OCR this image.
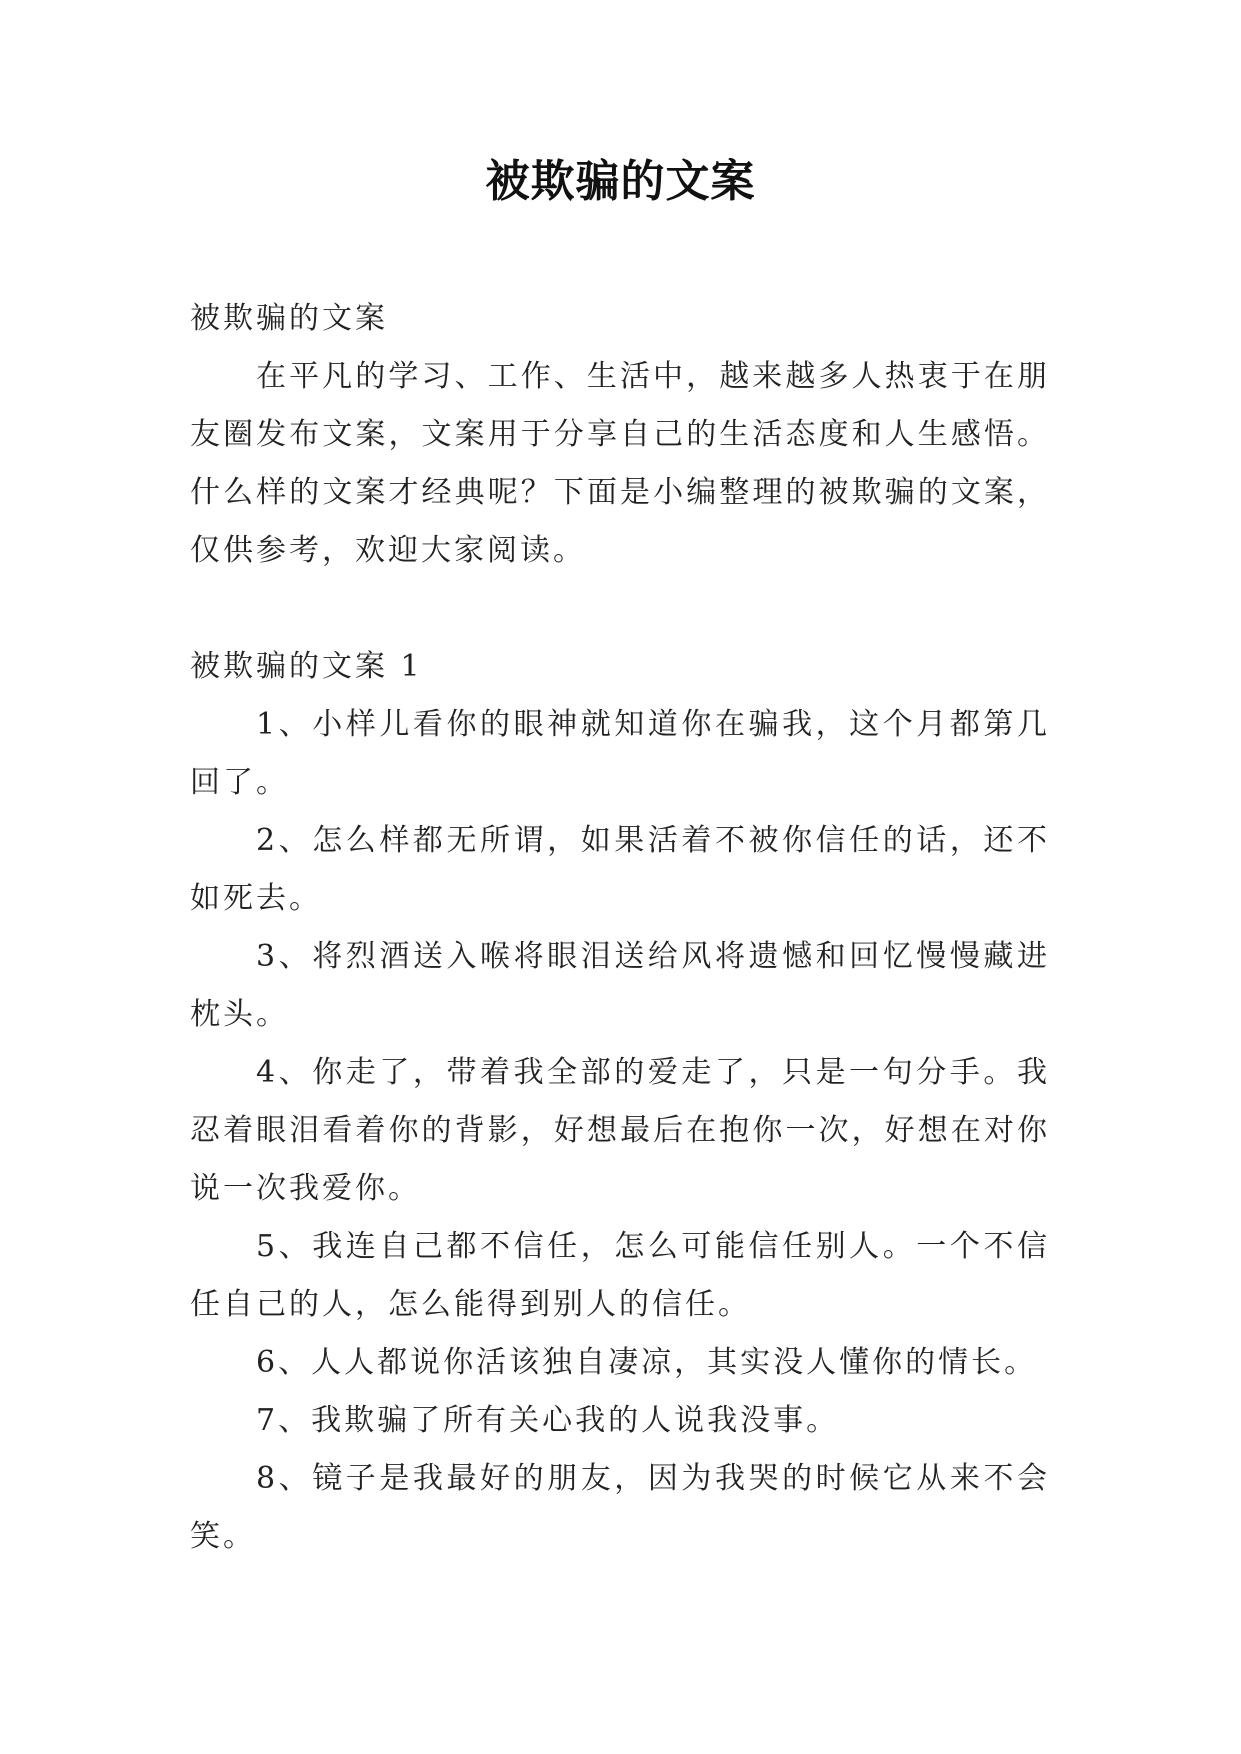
被欺骗的文案

被欺骗的文案

在平凡的学习、工作、生活中，越来越多人热衷于在朋友圈发布文案，文案用于分享自己的生活态度和人生感悟。什么样的文案才经典呢？下面是小编整理的被欺骗的文案，仅供参考，欢迎大家阅读。

被欺骗的文案 1

1、小样儿看你的眼神就知道你在骗我，这个月都第几回了。

2、怎么样都无所谓，如果活着不被你信任的话，还不如死去。

3、将烈酒送入喉将眼泪送给风将遗憾和回忆慢慢藏进枕头。

4、你走了，带着我全部的爱走了，只是一句分手。我忍着眼泪看着你的背影，好想最后在抱你一次，好想在对你说一次我爱你。

5、我连自己都不信任，怎么可能信任别人。一个不信任自己的人，怎么能得到别人的信任。

6、人人都说你活该独自凄凉，其实没人懂你的情长。

7、我欺骗了所有关心我的人说我没事。

8、镜子是我最好的朋友，因为我哭的时候它从来不会笑。
